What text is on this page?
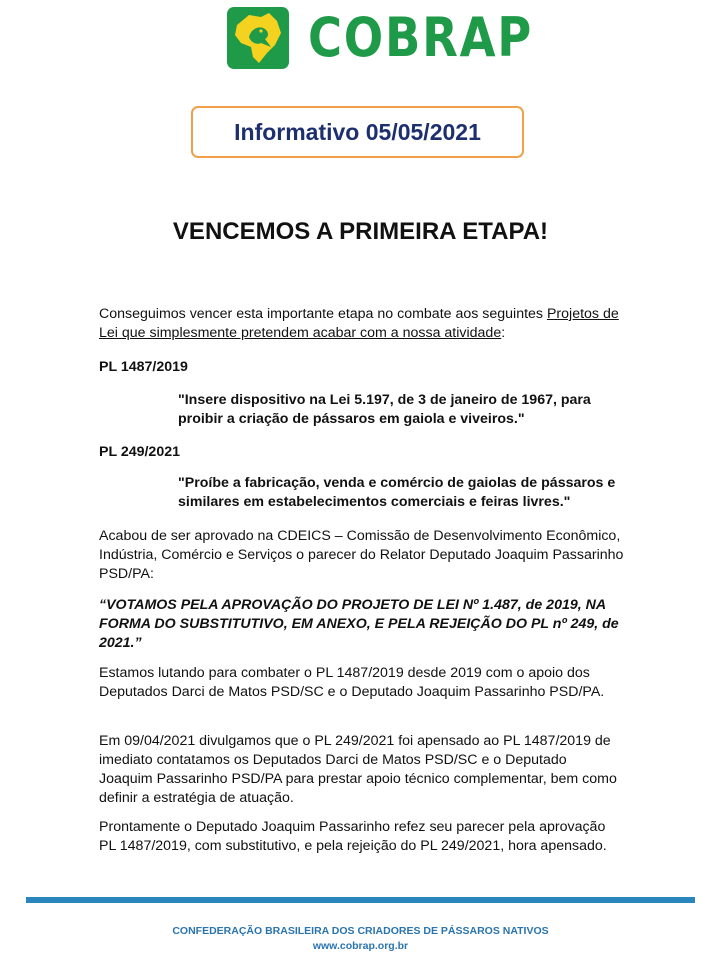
COBRAP
Informativo 05/05/2021
VENCEMOS A PRIMEIRA ETAPA!
Conseguimos vencer esta importante etapa no combate aos seguintes Projetos de Lei que simplesmente pretendem acabar com a nossa atividade:
PL 1487/2019
"Insere dispositivo na Lei 5.197, de 3 de janeiro de 1967, para proibir a criação de pássaros em gaiola e viveiros."
PL 249/2021
"Proíbe a fabricação, venda e comércio de gaiolas de pássaros e similares em estabelecimentos comerciais e feiras livres."
Acabou de ser aprovado na CDEICS – Comissão de Desenvolvimento Econômico, Indústria, Comércio e Serviços o parecer do Relator Deputado Joaquim Passarinho PSD/PA:
“VOTAMOS PELA APROVAÇÃO DO PROJETO DE LEI Nº 1.487, de 2019, NA FORMA DO SUBSTITUTIVO, EM ANEXO, E PELA REJEIÇÃO DO PL nº 249, de 2021.”
Estamos lutando para combater o PL 1487/2019 desde 2019 com o apoio dos Deputados Darci de Matos PSD/SC e o Deputado Joaquim Passarinho PSD/PA.
Em 09/04/2021 divulgamos que o PL 249/2021 foi apensado ao PL 1487/2019 de imediato contatamos os Deputados Darci de Matos PSD/SC e o Deputado Joaquim Passarinho PSD/PA para prestar apoio técnico complementar, bem como definir a estratégia de atuação.
Prontamente o Deputado Joaquim Passarinho refez seu parecer pela aprovação PL 1487/2019, com substitutivo, e pela rejeição do PL 249/2021, hora apensado.
CONFEDERAÇÃO BRASILEIRA DOS CRIADORES DE PÁSSAROS NATIVOS
www.cobrap.org.br
